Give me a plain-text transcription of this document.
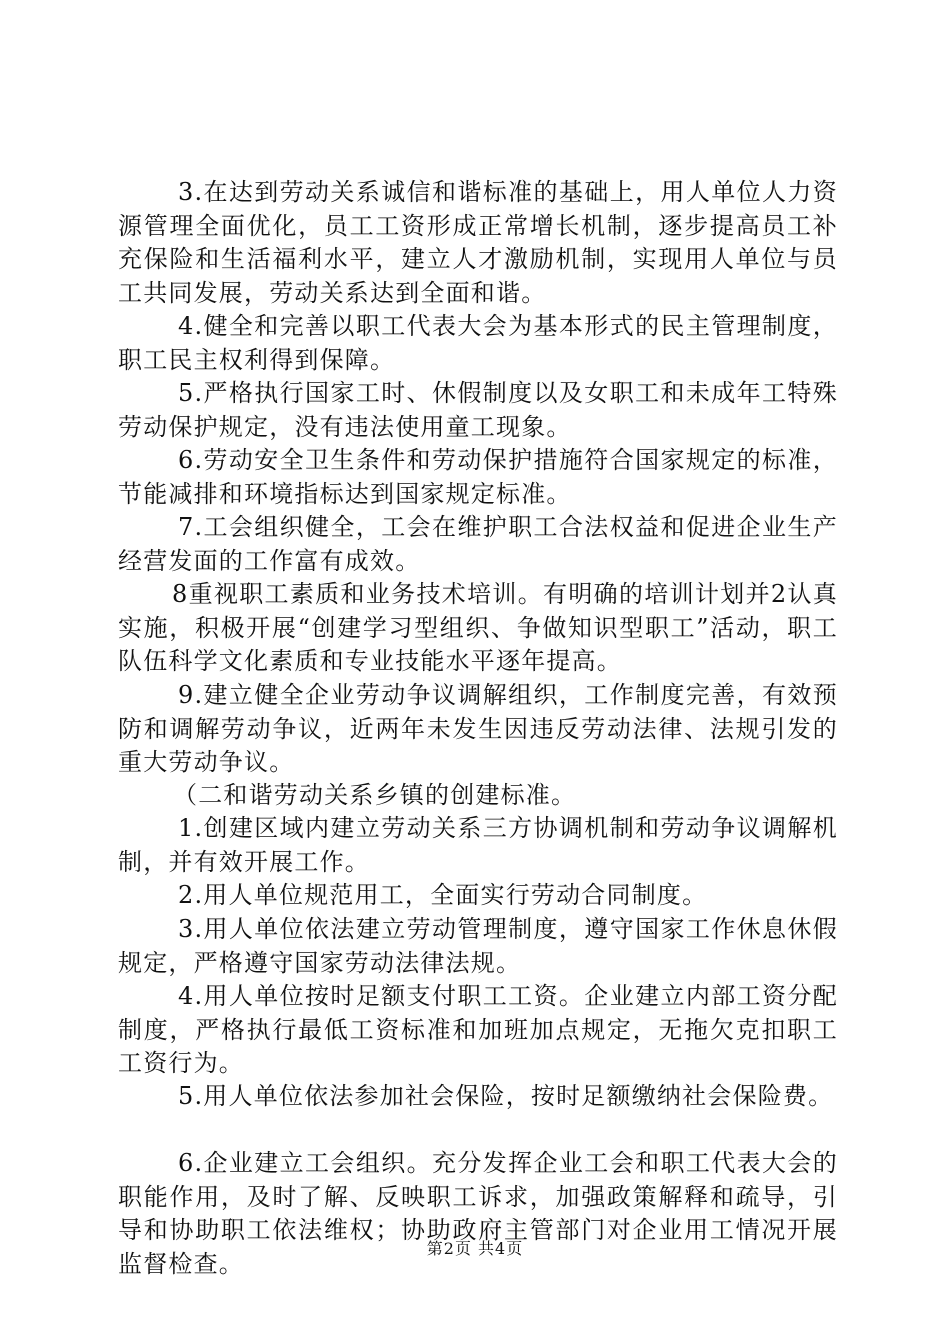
3.在达到劳动关系诚信和谐标准的基础上，用人单位人力资源管理全面优化，员工工资形成正常增长机制，逐步提高员工补充保险和生活福利水平，建立人才激励机制，实现用人单位与员工共同发展，劳动关系达到全面和谐。

4.健全和完善以职工代表大会为基本形式的民主管理制度，职工民主权利得到保障。

5.严格执行国家工时、休假制度以及女职工和未成年工特殊劳动保护规定，没有违法使用童工现象。

6.劳动安全卫生条件和劳动保护措施符合国家规定的标准，节能减排和环境指标达到国家规定标准。

7.工会组织健全，工会在维护职工合法权益和促进企业生产经营发面的工作富有成效。

8重视职工素质和业务技术培训。有明确的培训计划并2认真实施，积极开展“创建学习型组织、争做知识型职工”活动，职工队伍科学文化素质和专业技能水平逐年提高。

9.建立健全企业劳动争议调解组织，工作制度完善，有效预防和调解劳动争议，近两年未发生因违反劳动法律、法规引发的重大劳动争议。

（二和谐劳动关系乡镇的创建标准。

1.创建区域内建立劳动关系三方协调机制和劳动争议调解机制，并有效开展工作。

2.用人单位规范用工，全面实行劳动合同制度。

3.用人单位依法建立劳动管理制度，遵守国家工作休息休假规定，严格遵守国家劳动法律法规。

4.用人单位按时足额支付职工工资。企业建立内部工资分配制度，严格执行最低工资标准和加班加点规定，无拖欠克扣职工工资行为。

5.用人单位依法参加社会保险，按时足额缴纳社会保险费。

6.企业建立工会组织。充分发挥企业工会和职工代表大会的职能作用，及时了解、反映职工诉求，加强政策解释和疏导，引导和协助职工依法维权；协助政府主管部门对企业用工情况开展监督检查。

第2页 共4页
